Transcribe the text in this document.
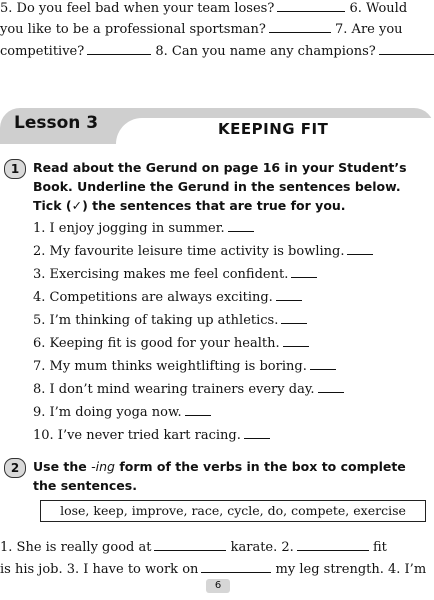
5. Do you feel bad when your team loses?	6. Would
you like to be a professional sportsman?	7. Are you
competitive?	8. Can you name any champions?
Lesson 3	KEEPING FIT
1	Read about the Gerund on page 16 in your Student’s Book. Underline the Gerund in the sentences below. Tick (✓) the sentences that are true for you.
1. I enjoy jogging in summer.
2. My favourite leisure time activity is bowling.
3. Exercising makes me feel confident.
4. Competitions are always exciting.
5. I’m thinking of taking up athletics.
6. Keeping fit is good for your health.
7. My mum thinks weightlifting is boring.
8. I don’t mind wearing trainers every day.
9. I’m doing yoga now.
10. I’ve never tried kart racing.
2	Use the -ing form of the verbs in the box to complete the sentences.
lose, keep, improve, race, cycle, do, compete, exercise
1. She is really good at	karate. 2.	fit
is his job. 3. I have to work on	my leg strength. 4. I’m
6
